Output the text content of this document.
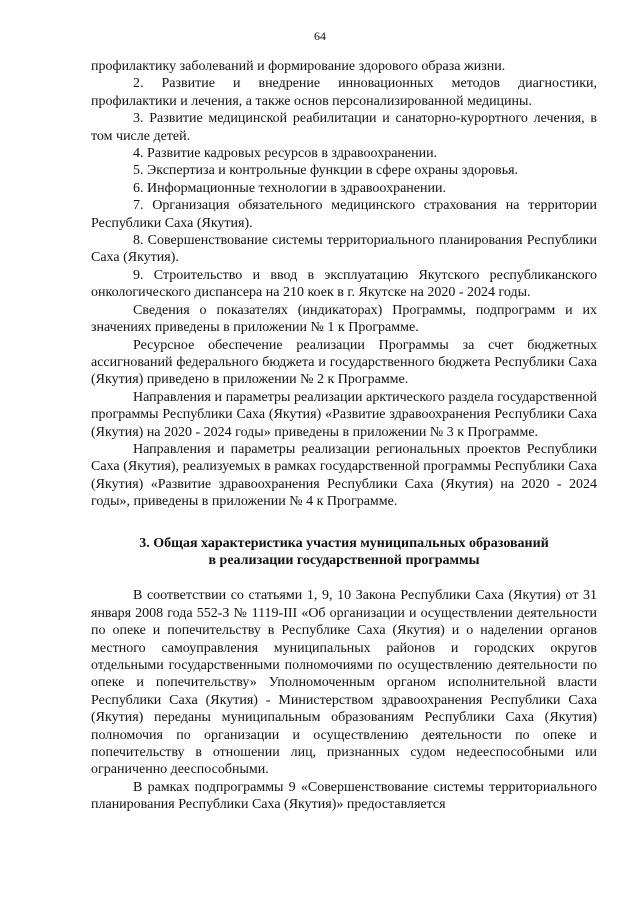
64

профилактику заболеваний и формирование здорового образа жизни.

2. Развитие и внедрение инновационных методов диагностики, профилактики и лечения, а также основ персонализированной медицины.

3. Развитие медицинской реабилитации и санаторно-курортного лечения, в том числе детей.

4. Развитие кадровых ресурсов в здравоохранении.

5. Экспертиза и контрольные функции в сфере охраны здоровья.

6. Информационные технологии в здравоохранении.

7. Организация обязательного медицинского страхования на территории Республики Саха (Якутия).

8. Совершенствование системы территориального планирования Республики Саха (Якутия).

9. Строительство и ввод в эксплуатацию Якутского республиканского онкологического диспансера на 210 коек в г. Якутске на 2020 - 2024 годы.

Сведения о показателях (индикаторах) Программы, подпрограмм и их значениях приведены в приложении № 1 к Программе.

Ресурсное обеспечение реализации Программы за счет бюджетных ассигнований федерального бюджета и государственного бюджета Республики Саха (Якутия) приведено в приложении № 2 к Программе.

Направления и параметры реализации арктического раздела государственной программы Республики Саха (Якутия) «Развитие здравоохранения Республики Саха (Якутия) на 2020 - 2024 годы» приведены в приложении № 3 к Программе.

Направления и параметры реализации региональных проектов Республики Саха (Якутия), реализуемых в рамках государственной программы Республики Саха (Якутия) «Развитие здравоохранения Республики Саха (Якутия) на 2020 - 2024 годы», приведены в приложении № 4 к Программе.

3. Общая характеристика участия муниципальных образований
в реализации государственной программы

В соответствии со статьями 1, 9, 10 Закона Республики Саха (Якутия) от 31 января 2008 года 552-З № 1119-III «Об организации и осуществлении деятельности по опеке и попечительству в Республике Саха (Якутия) и о наделении органов местного самоуправления муниципальных районов и городских округов отдельными государственными полномочиями по осуществлению деятельности по опеке и попечительству» Уполномоченным органом исполнительной власти Республики Саха (Якутия) - Министерством здравоохранения Республики Саха (Якутия) переданы муниципальным образованиям Республики Саха (Якутия) полномочия по организации и осуществлению деятельности по опеке и попечительству в отношении лиц, признанных судом недееспособными или ограниченно дееспособными.

В рамках подпрограммы 9 «Совершенствование системы территориального планирования Республики Саха (Якутия)» предоставляется
